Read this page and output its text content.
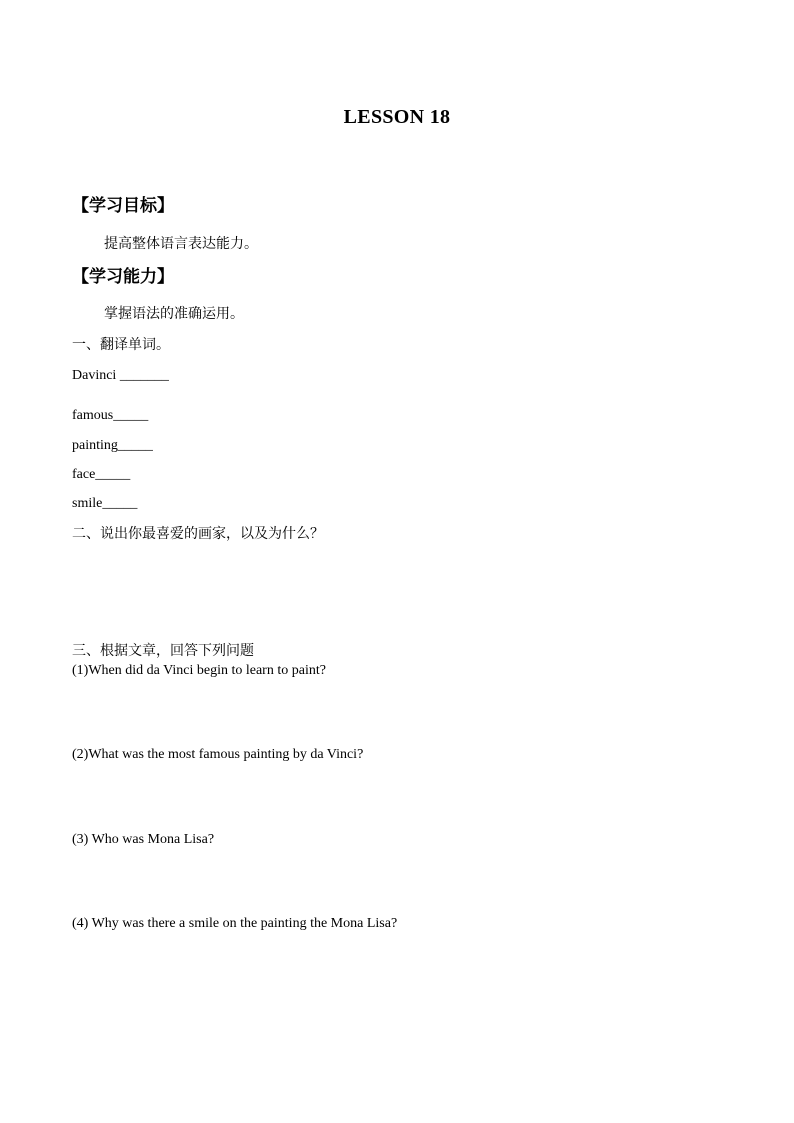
LESSON 18
【学习目标】
提高整体语言表达能力。
【学习能力】
掌握语法的准确运用。
一、翻译单词。
Davinci _______
famous_____
painting_____
face_____
smile_____
二、说出你最喜爱的画家，以及为什么？
三、根据文章，回答下列问题
(1)When did da Vinci begin to learn to paint?
(2)What was the most famous painting by da Vinci?
(3) Who was Mona Lisa?
(4) Why was there a smile on the painting the Mona Lisa?
